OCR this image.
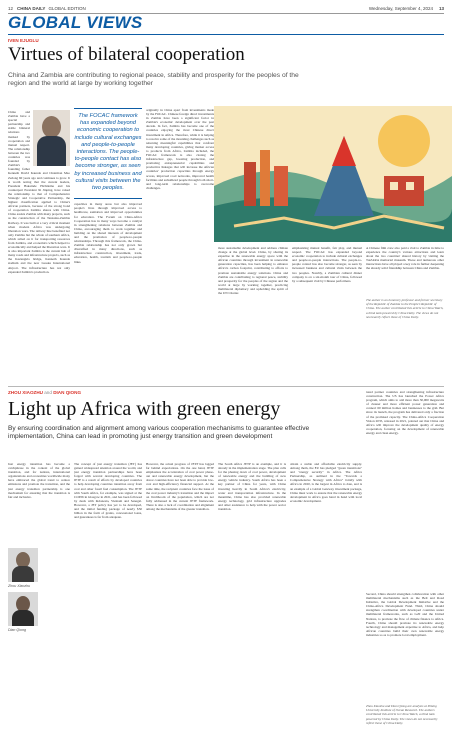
12 CHINA DAILY GLOBAL EDITION	Wednesday, September 4, 2024 13
GLOBAL VIEWS
IVEN EJUGLU
Virtues of bilateral cooperation
China and Zambia are contributing to regional peace, stability and prosperity for the peoples of the region and the world at large by working together
China and Zambia have a special partnership and stable bilateral relations marked by cooperation and mutual respect. The relationship between the two countries was founded by Zambia's founding father Kenneth David Kaunda and Chairman Mao Zedong 60 years ago and continues to grow. It is worth noting that the current leaders, President Hakainde Hichilema and his counterpart President Xi Jinping, have raised the relationship to that of Comprehensive Strategic and Cooperative Partnership, the highest classification applied to China's African partners, because of the strong bond of cooperation Zambia shares with China. China assists Zambia with many projects, such as the construction of the Tanzania-Zambia Railway. It was built at a very critical moment when modern Africa was undergoing liberation wars. The railway line benefited not only Zambia but the whole of southern Africa, which relied on it for transporting resources from Zambia, and economics which helped to economically and helped the liberation wars. It is also important Zambia is the current hub of many roads and infrastructure projects, such as the Kazungula bridge, Kenneth Kaunda stadium and the new Lusaka International Airport. The infrastructure has not only expanded Zambia's production.
The FOCAC framework has expanded beyond economic cooperation to include cultural exchanges and people-to-people interactions. The people-to-people contact has also become stronger, as seen by increased business and cultural visits between the two peoples.
capacities in many areas but also improved people's lives through improved access to healthcare, sanitation and improved opportunities for education. The Forum on China-Africa Cooperation has in many ways become a catalyst in strengthening relations between Zambia and China, encouraging them to work together and building on the shared interests of development and the promotion of people-to-people relationships. Through this framework, the China-Zambia relationship has not only grown but diversified in many directions, such as infrastructure construction, investment, trade, education, health, tourism and people-to-people links.
originally in China apart from investments made by the FOCAC. Chinese foreign direct investments in Zambia have been a significant factor in Zambia's economic development over the past decade. In fact, Zambia has become one of the countries enjoying the most Chinese direct investment in Africa. Therefore, while it is helping to resolve some of the mounting challenges such as returning meaningful capabilities that confront many developing countries, giving market access to products from Africa, Zambia included, the FOCAC framework is also closing the infrastructure gap, boosting production, and promoting entrepreneurial capabilities and productive linkages that will increase the African countries' production capacities through energy access, improved road networks, improved health facilities and subsidized people through both short- and long-term relationships to overcome challenges.
more sustainable development and address climate change at the global level. China, by sharing its expertise in the renewable energy space with the African countries through investment in renewable generation capacities, has been helping to enhance Africa's carbon footprint, contributing to efforts to promote sustainable energy solutions. China and Zambia are contributing to regional peace, stability and prosperity for the peoples of the region and the world at large by working together, practicing multilateral diplomacy and upholding the spirit of the UN Charter.
emphasizing mutual benefit, fair play, and mutual respect. The FOCAC has expanded beyond economic cooperation to include cultural exchanges and people-to-people interactions. The people-to-people contact has also become stronger, as seen by increased business and cultural visits between the two peoples. Notably, a Zambian cultural dinner company is on a six-month tour of China, followed by a subsequent visit by Chinese performers.
A Chinese film crew also paid a visit to Zambia in time to experience the country's various attractions and learn about the two countries' shared history by visiting the TAZARA memorial museum. These and numerous other interactions have all played a key role in further deepening the already solid friendship between China and Zambia.
The author is an honorary professor and former secretary of the Republic of Zambia to the People's Republic of China. The author contributed this article to China Watch, a think tank powered by China Daily. The views do not necessarily reflect those of China Daily.
ZHOU XIAOZHU and DIAN QIONG
Light up Africa with green energy
By ensuring coordination and alignment among various cooperation mechanisms to guarantee effective implementation, China can lead in promoting just energy transition and green development
Just energy transition has become a catchphrase in the context of the global transition, and for nations, international organizations and economies worldwide many have embraced the global trend to reduce emissions and promote the transition, and the just energy transition partnership is one mechanism for ensuring that the transition is fair and inclusive.
Zhou Xiaozhu
Dian Qiong
The concept of just energy transition (JET) has gained widespread attention around the world, and just energy transition partnerships have been forged with several developing countries. The JETP is a result of efforts by developed countries to help developing countries transition away from coal and other fossil fuel consumption. The JETP with South Africa, for example, was signed at the COP26 in Glasgow in 2021, and has been followed by deals with Indonesia, Vietnam and Senegal. However, a JET policy has yet to be developed, and the initial funding package of nearly $50 billion in the form of grants, concessional loans, and guarantees is far from adequate.
However, the actual progress of JETP has lagged far behind expectations. On the one hand, JETP emphasizes the acceleration of coal power phase-out and renewable energy development, but the donor countries have not been able to provide low-cost and high-efficiency financial support. At the same time, the recipient countries face the issue of the coal power industry's transition and the impact on livelihoods of the population, which are not fully addressed in the current JETP framework. There is also a lack of coordination and alignment among the mechanisms of the greater transition.
The South Africa JETP is an example, and it is already in the implementation stage. The plan calls for the phasing down of coal power, development of renewable energy and the building of new energy vehicle industry. South Africa has been a key partner of China for years, with China investing heavily in South Africa's electricity, water and transportation infrastructure. In the meantime, China has also provided renewable energy technology, grid infrastructure upgrades and other assistance to help with the power sector transition.
obtain a stable and affordable electricity supply. Among them, the EU has pledged "green transitions" and "energy security" in Africa. The Africa Partnership, as outlined in the "Towards a Comprehensive Strategy with Africa" Jointly with Africa in 2020, is the largest in Africa to date, and is an example of a Global Gateway investment package, China must work to ensure that the renewable energy development in Africa goes hand in hand with local economic development.
tured partner countries and strengthening infrastructure construction. The US has launched the Power Africa program, which aims to add more than 30,000 megawatts of cleaner and more efficient power generation and connect 60 million homes and businesses to the grid. But since its launch, the program has delivered only a fraction of the promised capacity. The China-Africa Cooperation Vision 2035, released in 2021, pointed out that China and Africa will improve the development quality of energy cooperation, focusing on the development of renewable energy and clean energy.
Second, China should strengthen collaboration with other multilateral mechanisms such as the Belt and Road Initiative, the Global Development Initiative and the China-Africa Development Fund. Third, China should strengthen coordination with developed countries under multilateral frameworks, such as G20 and the United Nations, to promote the flow of climate finance to Africa. Fourth, China should promote its renewable energy technology and management expertise to Africa, and help African countries build their own renewable energy industries so as to promote local employment.
Zhou Xiaozhu and Dian Qiong are analysts at Peking University Institute of Ocean Research. The authors contributed this article to China Watch, a think tank powered by China Daily. The views do not necessarily reflect those of China Daily.
